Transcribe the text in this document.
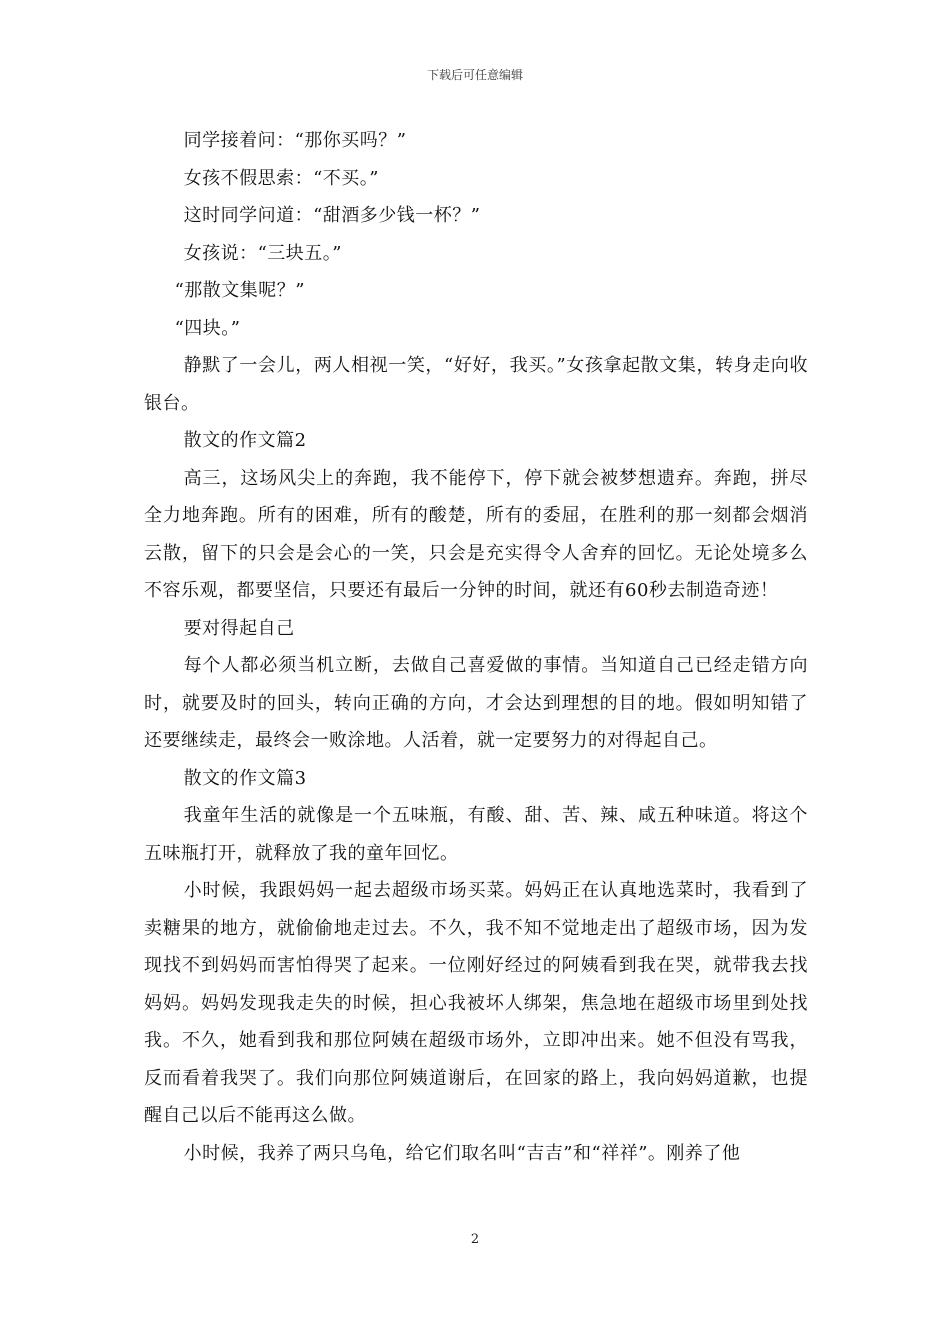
下载后可任意编辑

同学接着问：“那你买吗？”

女孩不假思索：“不买。”

这时同学问道：“甜酒多少钱一杯？”

女孩说：“三块五。”

“那散文集呢？”

“四块。”

静默了一会儿，两人相视一笑，“好好，我买。”女孩拿起散文集，转身走向收银台。

散文的作文篇2

高三，这场风尖上的奔跑，我不能停下，停下就会被梦想遗弃。奔跑，拼尽全力地奔跑。所有的困难，所有的酸楚，所有的委屈，在胜利的那一刻都会烟消云散，留下的只会是会心的一笑，只会是充实得令人舍弃的回忆。无论处境多么不容乐观，都要坚信，只要还有最后一分钟的时间，就还有60秒去制造奇迹！

要对得起自己

每个人都必须当机立断，去做自己喜爱做的事情。当知道自己已经走错方向时，就要及时的回头，转向正确的方向，才会达到理想的目的地。假如明知错了还要继续走，最终会一败涂地。人活着，就一定要努力的对得起自己。

散文的作文篇3

我童年生活的就像是一个五味瓶，有酸、甜、苦、辣、咸五种味道。将这个五味瓶打开，就释放了我的童年回忆。

小时候，我跟妈妈一起去超级市场买菜。妈妈正在认真地选菜时，我看到了卖糖果的地方，就偷偷地走过去。不久，我不知不觉地走出了超级市场，因为发现找不到妈妈而害怕得哭了起来。一位刚好经过的阿姨看到我在哭，就带我去找妈妈。妈妈发现我走失的时候，担心我被坏人绑架，焦急地在超级市场里到处找我。不久，她看到我和那位阿姨在超级市场外，立即冲出来。她不但没有骂我，反而看着我哭了。我们向那位阿姨道谢后，在回家的路上，我向妈妈道歉，也提醒自己以后不能再这么做。

小时候，我养了两只乌龟，给它们取名叫“吉吉”和“祥祥”。刚养了他

2
